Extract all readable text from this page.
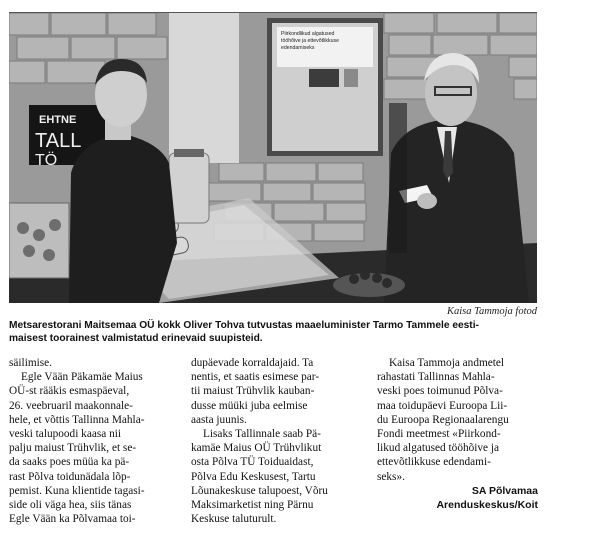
Piirkondlikud algatused
tööhõive ja ettevõtlikkuse
edendamiseks
EHTNE
TALL
TÖ
Kaisa Tammoja fotod
Metsarestorani Maitsemaa OÜ kokk Oliver Tohva tutvustas maaeluminister Tarmo Tammele eesti-
maisest toorainest valmistatud erinevaid suupisteid.

säilimise.

Egle Vään Päkamäe Maius
OÜ-st rääkis esmaspäeval,
26. veebruaril maakonnale-
hele, et võttis Tallinna Mahla-
veski talupoodi kaasa nii
palju maiust Trühvlik, et se-
da saaks poes müüa ka pä-
rast Põlva toidunädala lõp-
pemist. Kuna klientide tagasi-
side oli väga hea, siis tänas
Egle Vään ka Põlvamaa toi-

dupäevade korraldajaid. Ta
nentis, et saatis esimese par-
tii maiust Trühvlik kauban-
dusse müüki juba eelmise
aasta juunis.

Lisaks Tallinnale saab Pä-
kamäe Maius OÜ Trühvlikut
osta Põlva TÜ Toiduaidast,
Põlva Edu Keskusest, Tartu
Lõunakeskuse talupoest, Võru
Maksimarketist ning Pärnu
Keskuse taluturult.

Kaisa Tammoja andmetel
rahastati Tallinnas Mahla-
veski poes toimunud Põlva-
maa toidupäevi Euroopa Lii-
du Euroopa Regionaalarengu
Fondi meetmest «Piirkond-
likud algatused tööhõive ja
ettevõtlikkuse edendami-
seks».

SA Põlvamaa
Arenduskeskus/Koit
